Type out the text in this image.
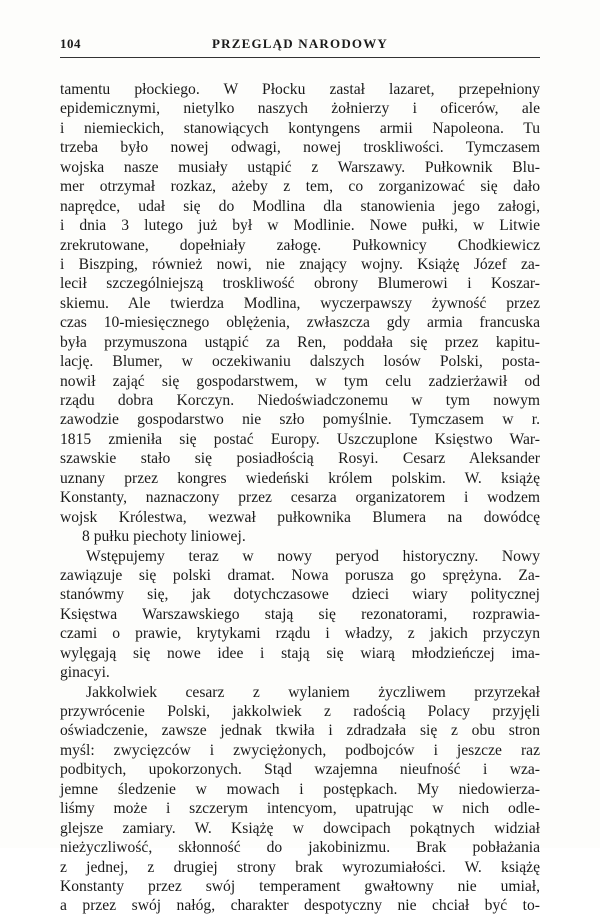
104	PRZEGLĄD NARODOWY
tamentu płockiego. W Płocku zastał lazaret, przepełniony
epidemicznymi, nietylko naszych żołnierzy i oficerów, ale
i niemieckich, stanowiących kontyngens armii Napoleona. Tu
trzeba było nowej odwagi, nowej troskliwości. Tymczasem
wojska nasze musiały ustąpić z Warszawy. Pułkownik Blu-
mer otrzymał rozkaz, ażeby z tem, co zorganizować się dało
naprędce, udał się do Modlina dla stanowienia jego załogi,
i dnia 3 lutego już był w Modlinie. Nowe pułki, w Litwie
zrekrutowane, dopełniały załogę. Pułkownicy Chodkiewicz
i Biszping, również nowi, nie znający wojny. Książę Józef za-
lecił szczególniejszą troskliwość obrony Blumerowi i Koszar-
skiemu. Ale twierdza Modlina, wyczerpawszy żywność przez
czas 10-miesięcznego oblężenia, zwłaszcza gdy armia francuska
była przymuszona ustąpić za Ren, poddała się przez kapitu-
lację. Blumer, w oczekiwaniu dalszych losów Polski, posta-
nowił zająć się gospodarstwem, w tym celu zadzierżawił od
rządu dobra Korczyn. Niedoświadczonemu w tym nowym
zawodzie gospodarstwo nie szło pomyślnie. Tymczasem w r.
1815 zmieniła się postać Europy. Uszczuplone Księstwo War-
szawskie stało się posiadłością Rosyi. Cesarz Aleksander
uznany przez kongres wiedeński królem polskim. W. książę
Konstanty, naznaczony przez cesarza organizatorem i wodzem
wojsk Królestwa, wezwał pułkownika Blumera na dowódcę
8 pułku piechoty liniowej.
Wstępujemy teraz w nowy peryod historyczny. Nowy
zawiązuje się polski dramat. Nowa porusza go sprężyna. Za-
stanówmy się, jak dotychczasowe dzieci wiary politycznej
Księstwa Warszawskiego stają się rezonatorami, rozprawia-
czami o prawie, krytykami rządu i władzy, z jakich przyczyn
wylęgają się nowe idee i stają się wiarą młodzieńczej ima-
ginacyi.
Jakkolwiek cesarz z wylaniem życzliwem przyrzekał
przywrócenie Polski, jakkolwiek z radością Polacy przyjęli
oświadczenie, zawsze jednak tkwiła i zdradzała się z obu stron
myśl: zwycięzców i zwyciężonych, podbojców i jeszcze raz
podbitych, upokorzonych. Stąd wzajemna nieufność i wza-
jemne śledzenie w mowach i postępkach. My niedowierza-
liśmy może i szczerym intencyom, upatrując w nich odle-
glejsze zamiary. W. Książę w dowcipach pokątnych widział
nieżyczliwość, skłonność do jakobinizmu. Brak pobłażania
z jednej, z drugiej strony brak wyrozumiałości. W. książę
Konstanty przez swój temperament gwałtowny nie umiał,
a przez swój nałóg, charakter despotyczny nie chciał być to-
